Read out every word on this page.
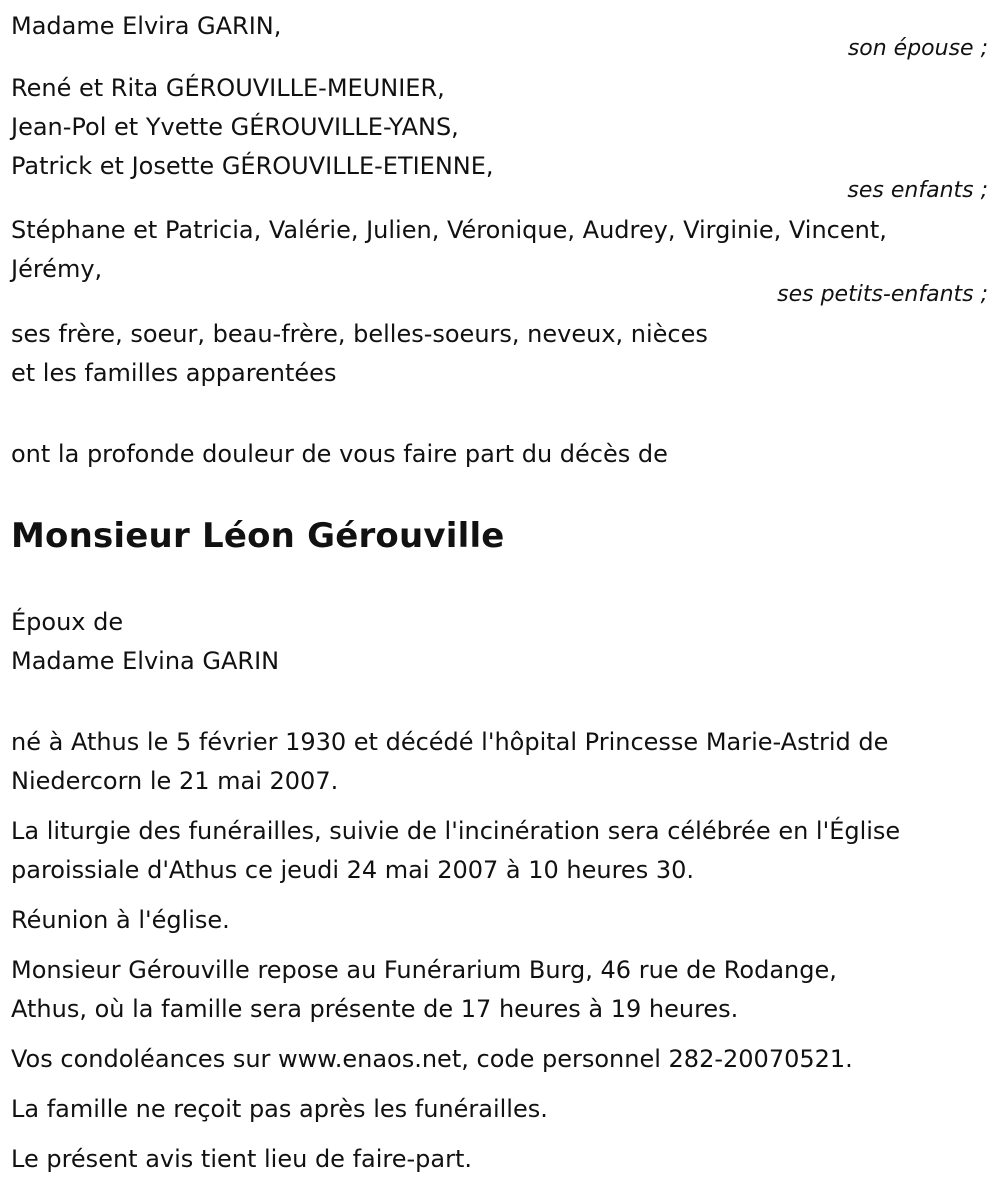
Madame Elvira GARIN,
son épouse ;
René et Rita GÉROUVILLE-MEUNIER,
Jean-Pol et Yvette GÉROUVILLE-YANS,
Patrick et Josette GÉROUVILLE-ETIENNE,
ses enfants ;
Stéphane et Patricia, Valérie, Julien, Véronique, Audrey, Virginie, Vincent,
Jérémy,
ses petits-enfants ;
ses frère, soeur, beau-frère, belles-soeurs, neveux, nièces
et les familles apparentées
ont la profonde douleur de vous faire part du décès de
Monsieur Léon Gérouville
Époux de
Madame Elvina GARIN
né à Athus le 5 février 1930 et décédé l'hôpital Princesse Marie-Astrid de
Niedercorn le 21 mai 2007.
La liturgie des funérailles, suivie de l'incinération sera célébrée en l'Église
paroissiale d'Athus ce jeudi 24 mai 2007 à 10 heures 30.
Réunion à l'église.
Monsieur Gérouville repose au Funérarium Burg, 46 rue de Rodange,
Athus, où la famille sera présente de 17 heures à 19 heures.
Vos condoléances sur www.enaos.net, code personnel 282-20070521.
La famille ne reçoit pas après les funérailles.
Le présent avis tient lieu de faire-part.
